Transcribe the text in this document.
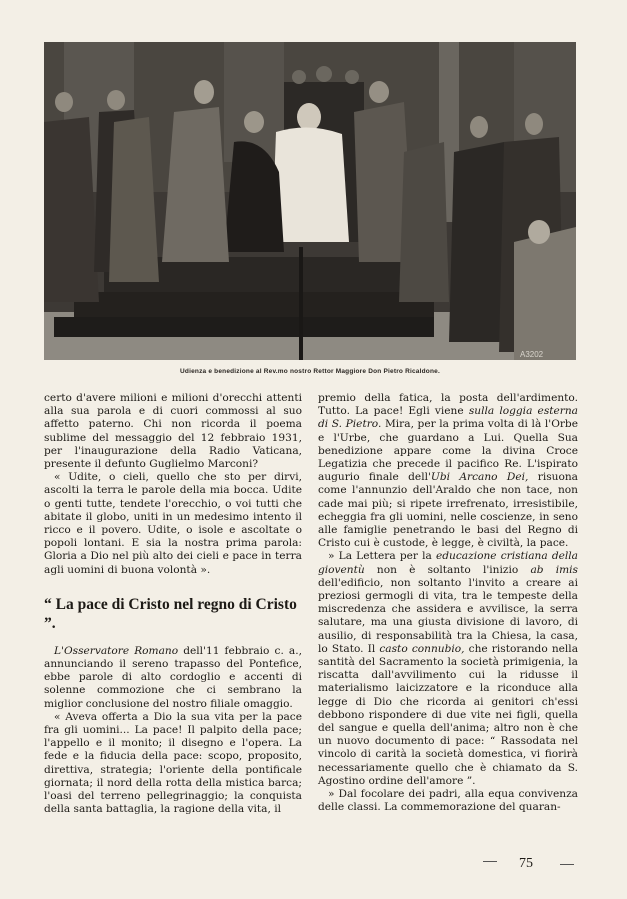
A3202
Udienza e benedizione al Rev.mo nostro Rettor Maggiore Don Pietro Ricaldone.

certo d'avere milioni e milioni d'orecchi attenti alla sua parola e di cuori commossi al suo affetto paterno. Chi non ricorda il poema sublime del messaggio del 12 febbraio 1931, per l'inaugurazione della Radio Vaticana, presente il defunto Guglielmo Marconi?

« Udite, o cieli, quello che sto per dirvi, ascolti la terra le parole della mia bocca. Udite o genti tutte, tendete l'orecchio, o voi tutti che abitate il globo, uniti in un medesimo intento il ricco e il povero. Udite, o isole e ascoltate o popoli lontani. E sia la nostra prima parola: Gloria a Dio nel più alto dei cieli e pace in terra agli uomini di buona volontà ».

“ La pace di Cristo nel regno di Cristo ”.

L'Osservatore Romano dell'11 febbraio c. a., annunciando il sereno trapasso del Pontefice, ebbe parole di alto cordoglio e accenti di solenne commozione che ci sembrano la miglior conclusione del nostro filiale omaggio.

« Aveva offerta a Dio la sua vita per la pace fra gli uomini... La pace! Il palpito della pace; l'appello e il monito; il disegno e l'opera. La fede e la fiducia della pace: scopo, proposito, direttiva, strategia; l'oriente della pontificale giornata; il nord della rotta della mistica barca; l'oasi del terreno pellegrinaggio; la conquista della santa battaglia, la ragione della vita, il

premio della fatica, la posta dell'ardimento. Tutto. La pace! Egli viene sulla loggia esterna di S. Pietro. Mira, per la prima volta di là l'Orbe e l'Urbe, che guardano a Lui. Quella Sua benedizione appare come la divina Croce Legatizia che precede il pacifico Re. L'ispirato augurio finale dell'Ubi Arcano Dei, risuona come l'annunzio dell'Araldo che non tace, non cade mai più; si ripete irrefrenato, irresistibile, echeggia fra gli uomini, nelle coscienze, in seno alle famiglie penetrando le basi del Regno di Cristo cui è custode, è legge, è civiltà, la pace.

» La Lettera per la educazione cristiana della gioventù non è soltanto l'inizio ab imis dell'edificio, non soltanto l'invito a creare ai preziosi germogli di vita, tra le tempeste della miscredenza che assidera e avvilisce, la serra salutare, ma una giusta divisione di lavoro, di ausilio, di responsabilità tra la Chiesa, la casa, lo Stato. Il casto connubio, che ristorando nella santità del Sacramento la società primigenia, la riscatta dall'avvilimento cui la ridusse il materialismo laicizzatore e la riconduce alla legge di Dio che ricorda ai genitori ch'essi debbono rispondere di due vite nei figli, quella del sangue e quella dell'anima; altro non è che un nuovo documento di pace: “ Rassodata nel vincolo di carità la società domestica, vi fiorirà necessariamente quello che è chiamato da S. Agostino ordine dell'amore ”.

» Dal focolare dei padri, alla equa convivenza delle classi. La commemorazione del quaran-

75
